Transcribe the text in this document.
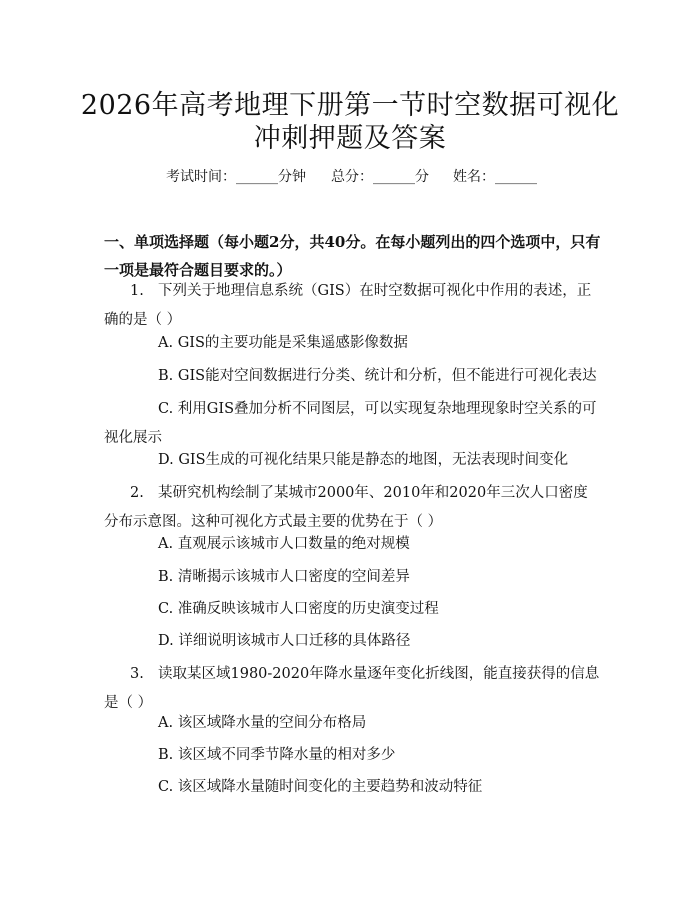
2026年高考地理下册第一节时空数据可视化
冲刺押题及答案
考试时间：______分钟 总分：______分 姓名：______

一、单项选择题（每小题2分，共40分。在每小题列出的四个选项中，只有一项是最符合题目要求的。）

1. 下列关于地理信息系统（GIS）在时空数据可视化中作用的表述，正确的是（ ）

A. GIS的主要功能是采集遥感影像数据

B. GIS能对空间数据进行分类、统计和分析，但不能进行可视化表达

C. 利用GIS叠加分析不同图层，可以实现复杂地理现象时空关系的可视化展示

D. GIS生成的可视化结果只能是静态的地图，无法表现时间变化

2. 某研究机构绘制了某城市2000年、2010年和2020年三次人口密度分布示意图。这种可视化方式最主要的优势在于（ ）

A. 直观展示该城市人口数量的绝对规模

B. 清晰揭示该城市人口密度的空间差异

C. 准确反映该城市人口密度的历史演变过程

D. 详细说明该城市人口迁移的具体路径

3. 读取某区域1980-2020年降水量逐年变化折线图，能直接获得的信息是（ ）

A. 该区域降水量的空间分布格局

B. 该区域不同季节降水量的相对多少

C. 该区域降水量随时间变化的主要趋势和波动特征
